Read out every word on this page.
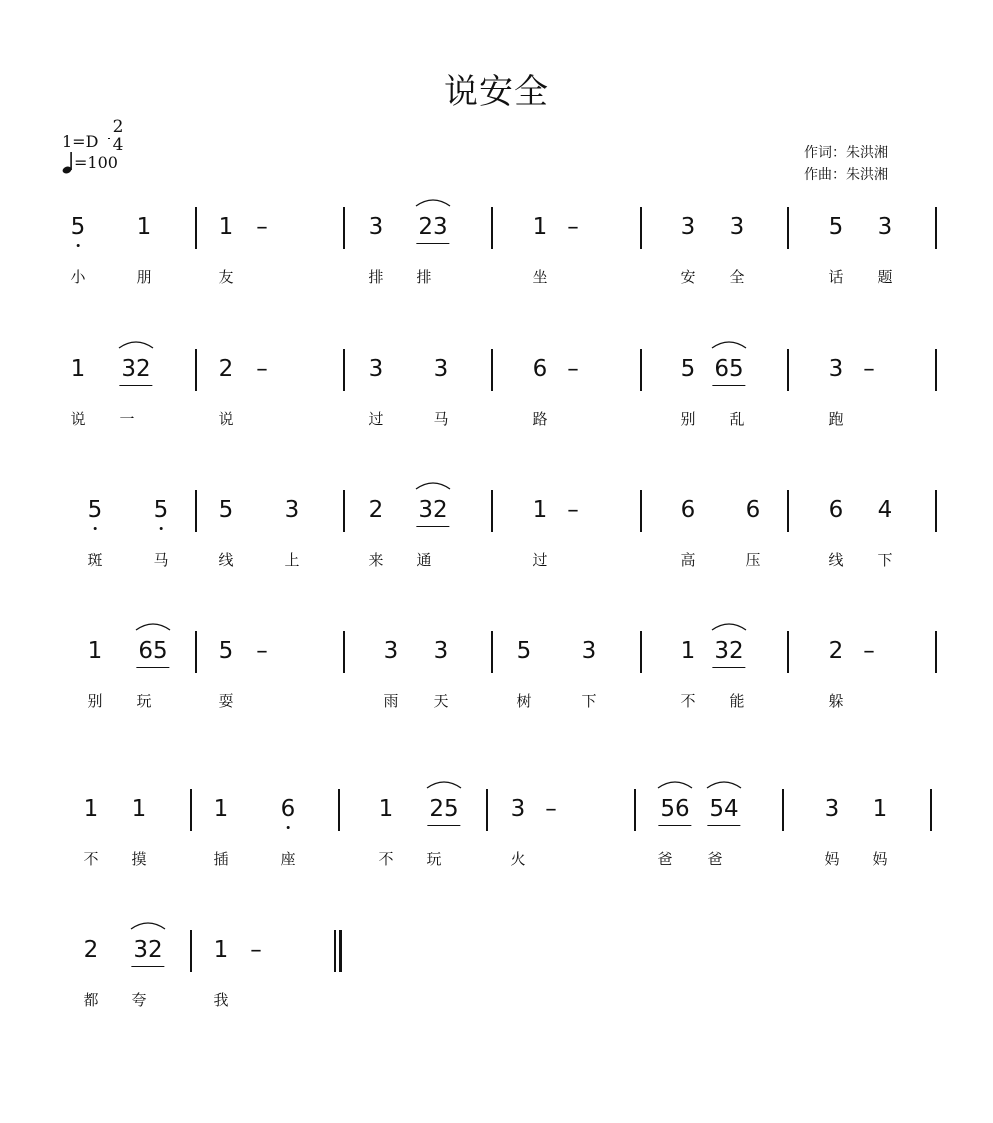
说安全
1=D
2
4
=100	作词：朱洪湘
作曲：朱洪湘
5 1	1 –	3 23	1 –	3 3	5 3
小	朋	友	排 排	坐	安 全	话 题
1 32	2 –	3 3	6 –	5 65	3 –
说 一	说	过	马	路	别 乱	跑
5 5 5 3	2 32	1 –	6 6	6 4
斑	马	线	上	来 通	过	高	压	线 下
1 65 5 –	3 3	5 3	1 32	2 –
别 玩	耍	雨 天	树	下	不 能	躲
1 1	1 6	1 25 3 –	56 54	3 1
不 摸	插	座	不 玩	火	爸 爸	妈 妈
2 32 1 –
都 夸	我
